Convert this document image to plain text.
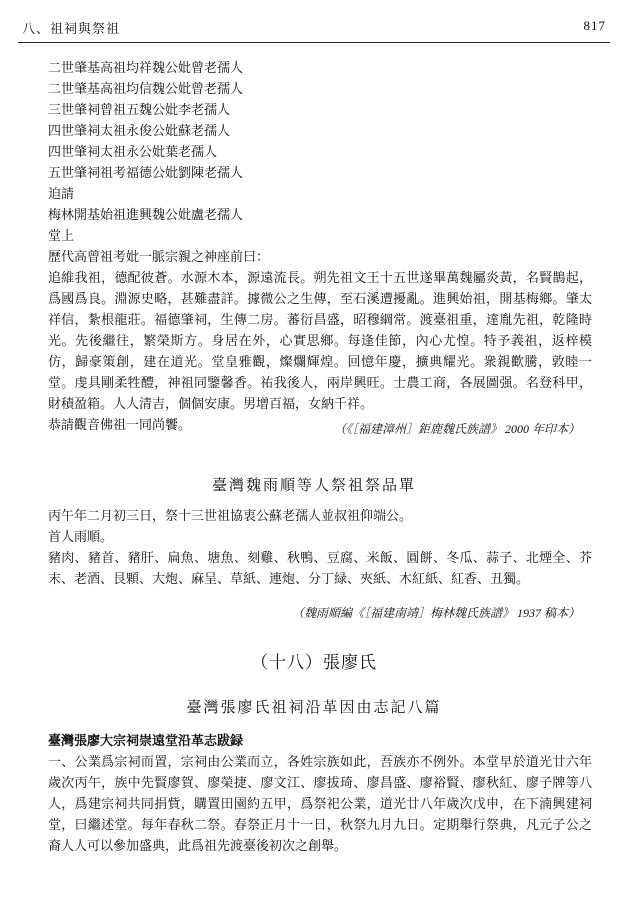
八、祖祠與祭祖	817
二世肇基高祖均祥魏公妣曾老孺人
二世肇基高祖均信魏公妣曾老孺人
三世肇祠曾祖五魏公妣李老孺人
四世肇祠太祖永俊公妣蘇老孺人
四世肇祠太祖永公妣葉老孺人
五世肇祠祖考福德公妣劉陳老孺人
迫請
梅林開基始祖進興魏公妣盧老孺人
堂上
歷代高曾祖考妣一脈宗親之神座前曰：
追維我祖，德配彼蒼。水源木本，源遠流長。朔先祖文王十五世遂畢萬魏屬炎黃，名賢鵲起，爲國爲良。淵源史略，甚難盡詳。據微公之生傳，至石溪遭擾亂。進興始祖，開基梅鄉。肇太祥信，紮根龍莊。福德肇祠，生傳二房。蕃衍昌盛，昭穆綱常。渡臺祖重，達胤先祖，乾隆時光。先後繼往，繁榮斯方。身居在外，心實思鄉。每逢佳節，內心尤惶。特予義祖，返梓模仿，歸豪策創，建在道光。堂皇雅觀，燦爛輝煌。回憶年慶，擴典耀光。衆親歡騰，敦睦一堂。虔具剛柔牲醴，神祖同鑒馨香。祐我後人，兩岸興旺。士農工商，各展圖强。名登科甲，財積盈箱。人人清吉，個個安康。男增百福，女納千祥。
恭請觀音佛祖一同尚饗。	（《［福建漳州］鉅鹿魏氏族譜》 2000 年印本）
臺灣魏雨順等人祭祖祭品單
丙午年二月初三日，祭十三世祖協衷公蘇老孺人並叔祖仰端公。
首人雨順。
豬肉、豬首、豬肝、扁魚、塘魚、刻雞、秋鴨、豆腐、米飯、圓餅、冬瓜、蒜子、北煙全、芥末、老酒、艮顆、大炮、麻呈、草紙、連炮、分丁緑、夾紙、木紅紙、紅香、丑獨。
（魏雨順編《［福建南靖］梅林魏氏族譜》 1937 稿本）
（十八）張廖氏
臺灣張廖氏祖祠沿革因由志記八篇
臺灣張廖大宗祠崇遠堂沿革志跋録
一、公業爲宗祠而置，宗祠由公業而立，各姓宗族如此，吾族亦不例外。本堂早於道光廿六年歲次丙午，族中先賢廖賀、廖榮捷、廖文江、廖拔琦、廖昌盛、廖裕賢、廖秋紅、廖子牌等八人，爲建宗祠共同捐貲，購置田園約五甲，爲祭祀公業，道光廿八年歲次戊申，在下湳興建祠堂，曰繼述堂。每年春秋二祭。春祭正月十一日，秋祭九月九日。定期舉行祭典，凡元子公之裔人人可以參加盛典，此爲祖先渡臺後初次之創舉。
